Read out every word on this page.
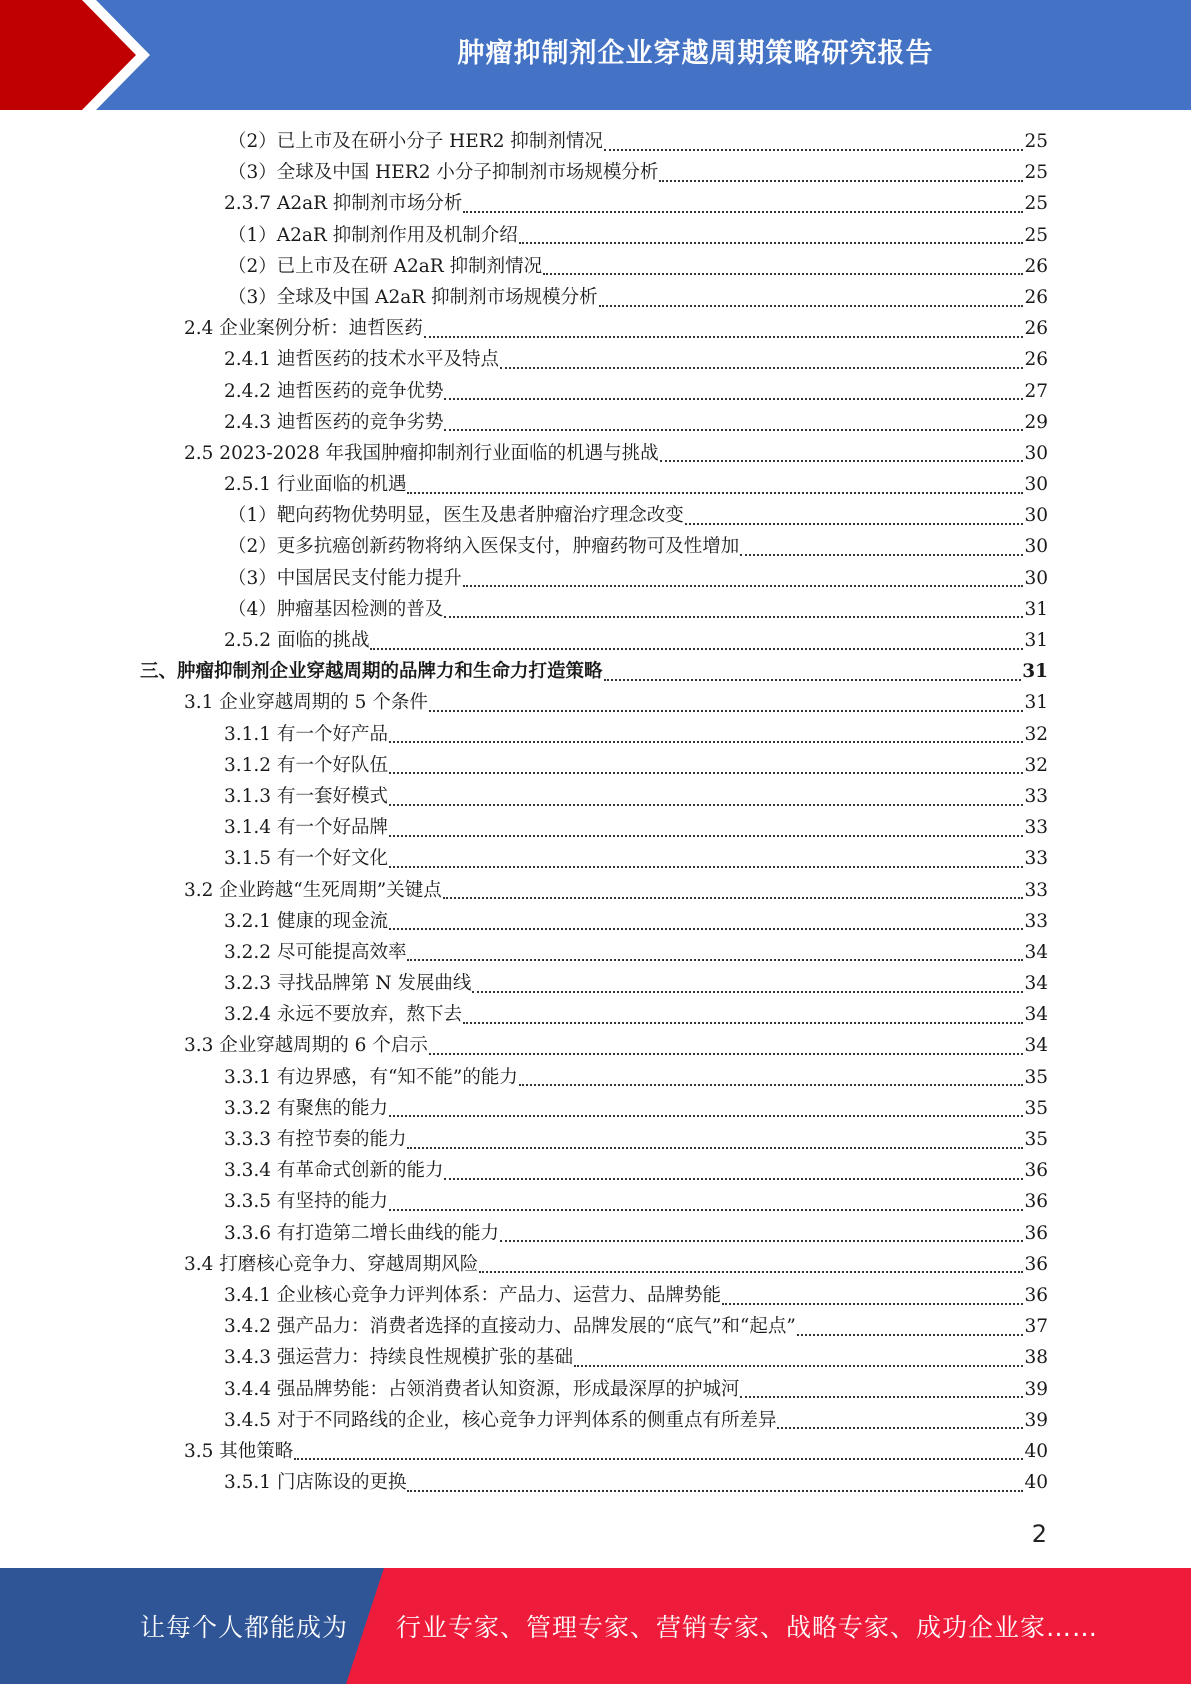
肿瘤抑制剂企业穿越周期策略研究报告
（2）已上市及在研小分子 HER2 抑制剂情况	25
（3）全球及中国 HER2 小分子抑制剂市场规模分析	25
2.3.7 A2aR 抑制剂市场分析	25
（1）A2aR 抑制剂作用及机制介绍	25
（2）已上市及在研 A2aR 抑制剂情况	26
（3）全球及中国 A2aR 抑制剂市场规模分析	26
2.4 企业案例分析：迪哲医药	26
2.4.1 迪哲医药的技术水平及特点	26
2.4.2 迪哲医药的竞争优势	27
2.4.3 迪哲医药的竞争劣势	29
2.5 2023-2028 年我国肿瘤抑制剂行业面临的机遇与挑战	30
2.5.1 行业面临的机遇	30
（1）靶向药物优势明显，医生及患者肿瘤治疗理念改变	30
（2）更多抗癌创新药物将纳入医保支付，肿瘤药物可及性增加	30
（3）中国居民支付能力提升	30
（4）肿瘤基因检测的普及	31
2.5.2 面临的挑战	31
三、肿瘤抑制剂企业穿越周期的品牌力和生命力打造策略	31
3.1 企业穿越周期的 5 个条件	31
3.1.1 有一个好产品	32
3.1.2 有一个好队伍	32
3.1.3 有一套好模式	33
3.1.4 有一个好品牌	33
3.1.5 有一个好文化	33
3.2 企业跨越“生死周期”关键点	33
3.2.1 健康的现金流	33
3.2.2 尽可能提高效率	34
3.2.3 寻找品牌第 N 发展曲线	34
3.2.4 永远不要放弃，熬下去	34
3.3 企业穿越周期的 6 个启示	34
3.3.1 有边界感，有“知不能”的能力	35
3.3.2 有聚焦的能力	35
3.3.3 有控节奏的能力	35
3.3.4 有革命式创新的能力	36
3.3.5 有坚持的能力	36
3.3.6 有打造第二增长曲线的能力	36
3.4 打磨核心竞争力、穿越周期风险	36
3.4.1 企业核心竞争力评判体系：产品力、运营力、品牌势能	36
3.4.2 强产品力：消费者选择的直接动力、品牌发展的“底气”和“起点”	37
3.4.3 强运营力：持续良性规模扩张的基础	38
3.4.4 强品牌势能：占领消费者认知资源，形成最深厚的护城河	39
3.4.5 对于不同路线的企业，核心竞争力评判体系的侧重点有所差异	39
3.5 其他策略	40
3.5.1 门店陈设的更换	40
2
让每个人都能成为 行业专家、管理专家、营销专家、战略专家、成功企业家……
